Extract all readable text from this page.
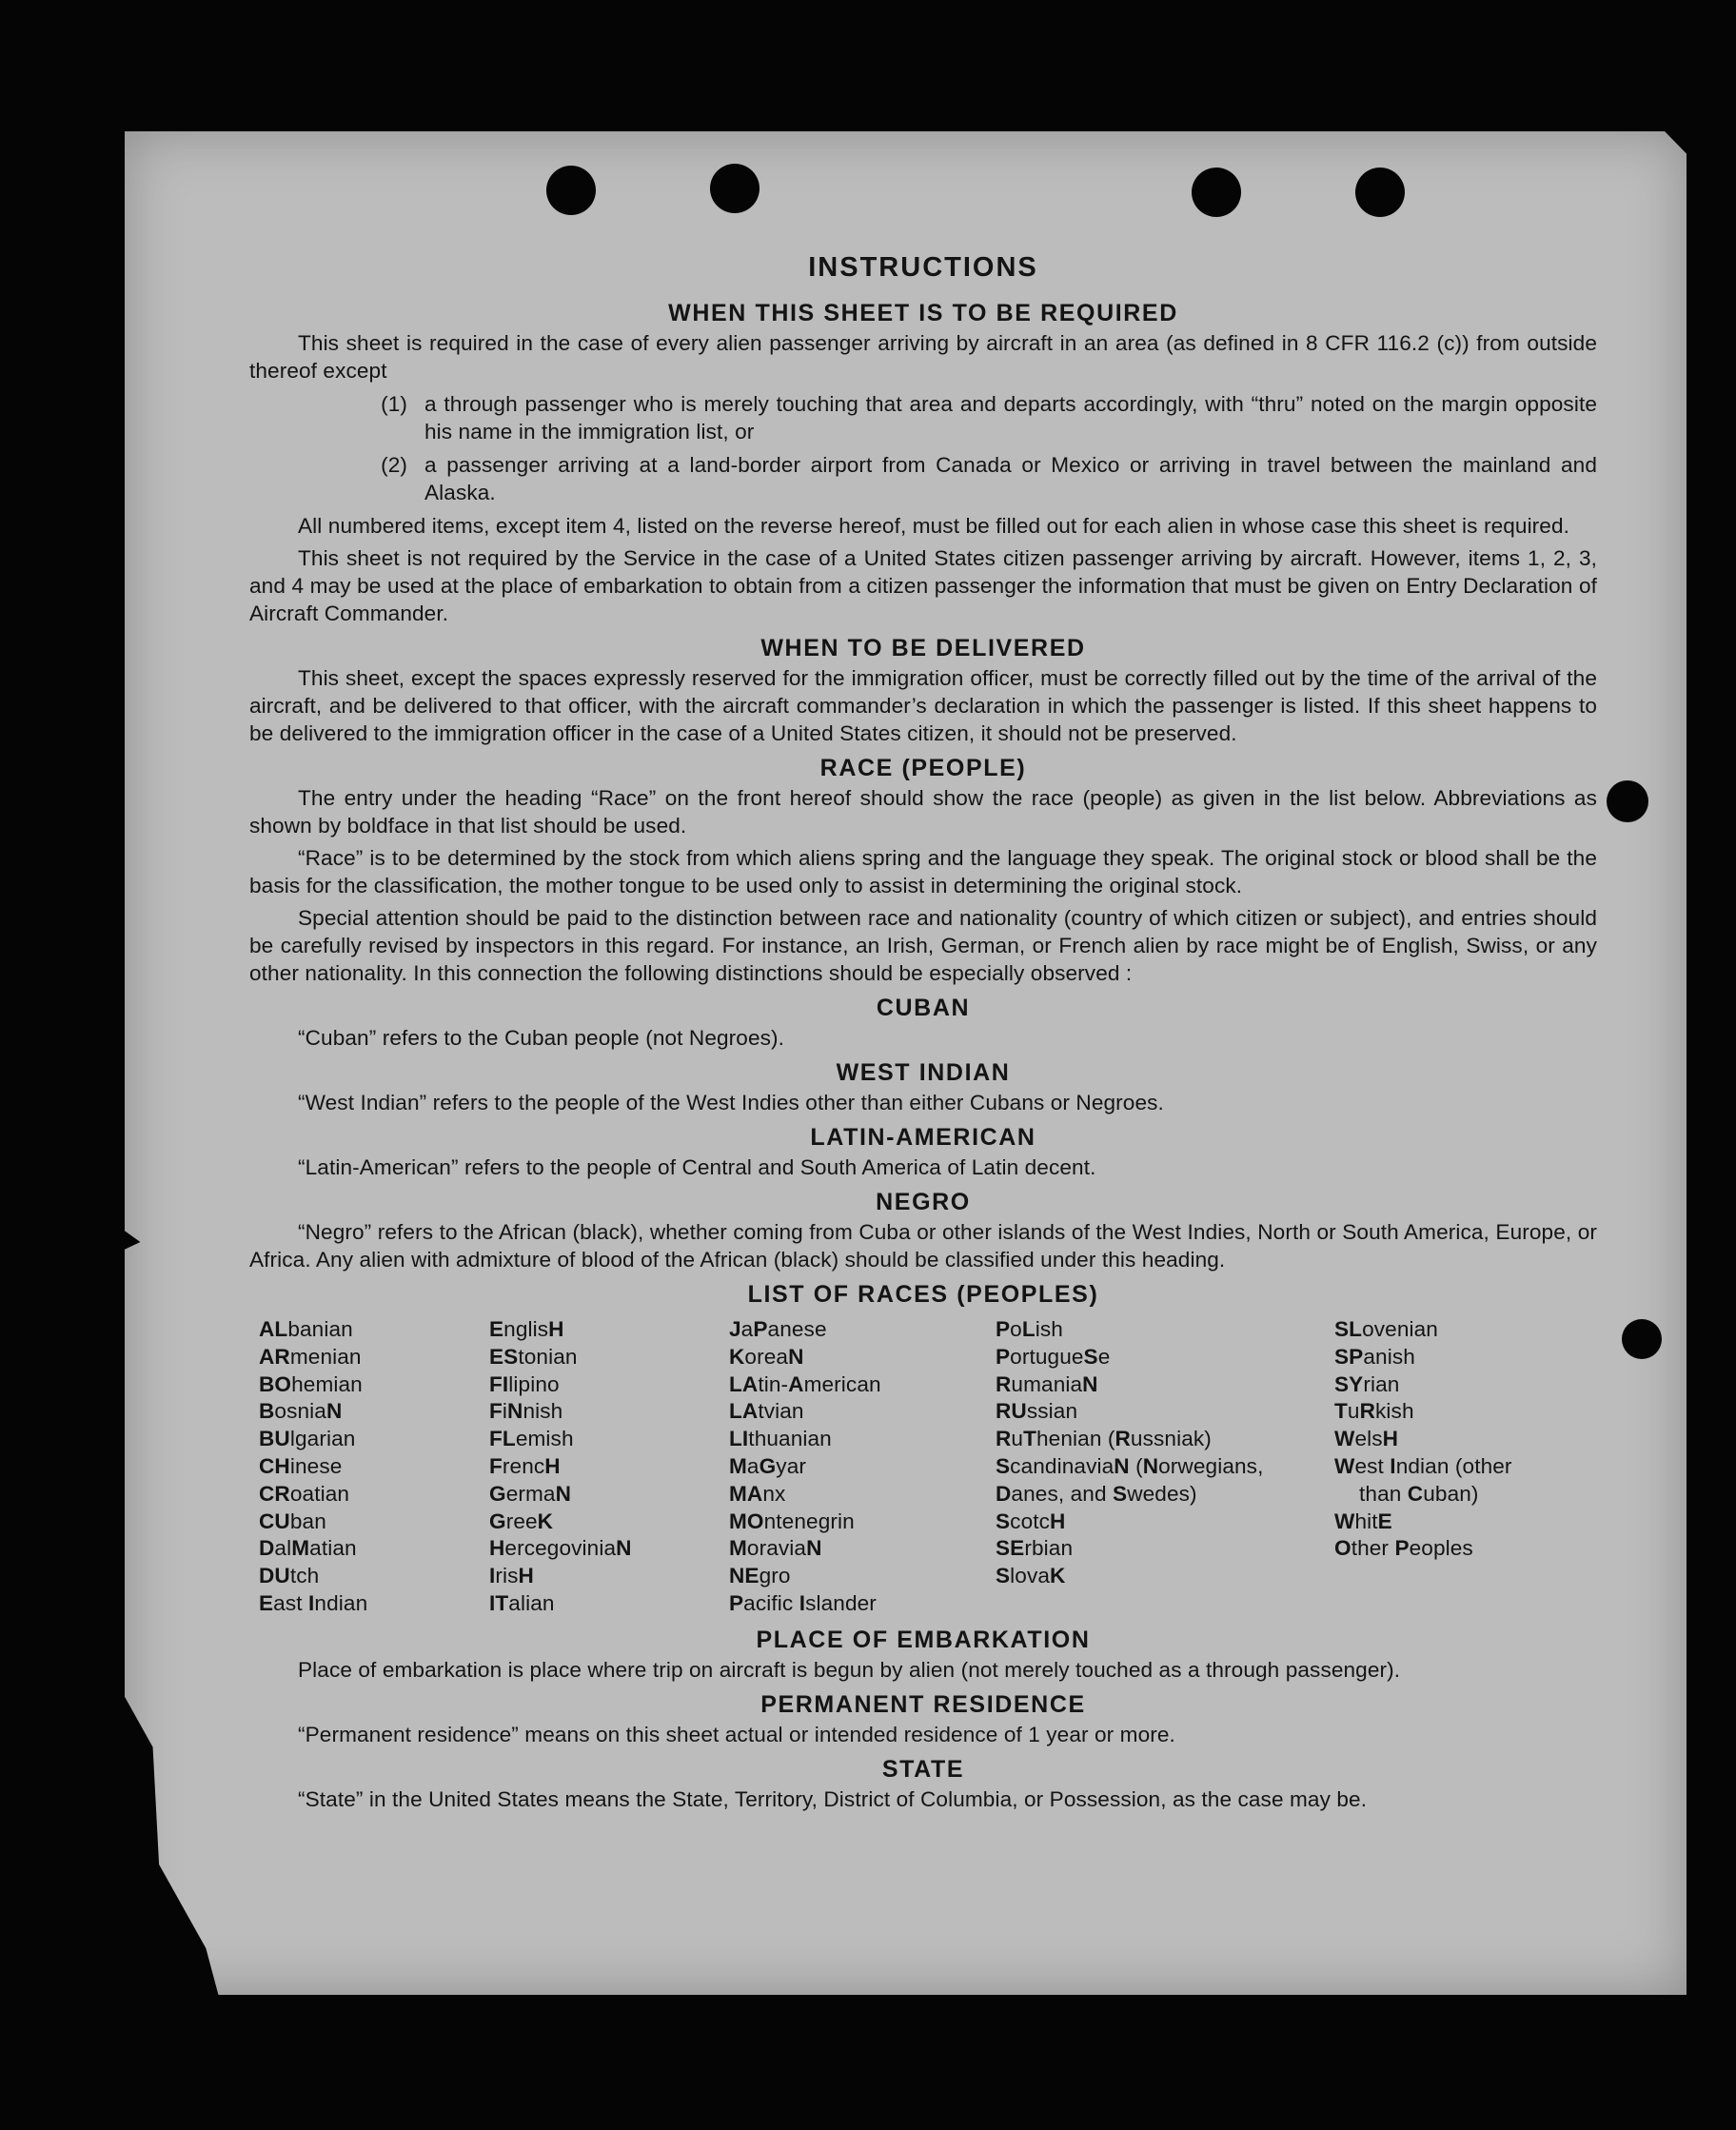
INSTRUCTIONS
WHEN THIS SHEET IS TO BE REQUIRED

This sheet is required in the case of every alien passenger arriving by aircraft in an area (as defined in 8 CFR 116.2 (c)) from outside thereof except

(1) a through passenger who is merely touching that area and departs accordingly, with “thru” noted on the margin opposite his name in the immigration list, or
(2) a passenger arriving at a land-border airport from Canada or Mexico or arriving in travel between the mainland and Alaska.

All numbered items, except item 4, listed on the reverse hereof, must be filled out for each alien in whose case this sheet is required.

This sheet is not required by the Service in the case of a United States citizen passenger arriving by aircraft. However, items 1, 2, 3, and 4 may be used at the place of embarkation to obtain from a citizen passenger the information that must be given on Entry Declaration of Aircraft Commander.

WHEN TO BE DELIVERED

This sheet, except the spaces expressly reserved for the immigration officer, must be correctly filled out by the time of the arrival of the aircraft, and be delivered to that officer, with the aircraft commander’s declaration in which the passenger is listed. If this sheet happens to be delivered to the immigration officer in the case of a United States citizen, it should not be preserved.

RACE (PEOPLE)

The entry under the heading “Race” on the front hereof should show the race (people) as given in the list below. Abbreviations as shown by boldface in that list should be used.

“Race” is to be determined by the stock from which aliens spring and the language they speak. The original stock or blood shall be the basis for the classification, the mother tongue to be used only to assist in determining the original stock.

Special attention should be paid to the distinction between race and nationality (country of which citizen or subject), and entries should be carefully revised by inspectors in this regard. For instance, an Irish, German, or French alien by race might be of English, Swiss, or any other nationality. In this connection the following distinctions should be especially observed :

CUBAN

“Cuban” refers to the Cuban people (not Negroes).

WEST INDIAN

“West Indian” refers to the people of the West Indies other than either Cubans or Negroes.

LATIN-AMERICAN

“Latin-American” refers to the people of Central and South America of Latin decent.

NEGRO

“Negro” refers to the African (black), whether coming from Cuba or other islands of the West Indies, North or South America, Europe, or Africa. Any alien with admixture of blood of the African (black) should be classified under this heading.

LIST OF RACES (PEOPLES)
ALbanian
ARmenian
BOhemian
BosniaN
BUlgarian
CHinese
CRoatian
CUban
DalMatian
DUtch
East Indian
EnglisH
EStonian
FIlipino
FiNnish
FLemish
FrencH
GermaN
GreeK
HercegoviniaN
IrisH
ITalian
JaPanese
KoreaN
LAtin-American
LAtvian
LIthuanian
MaGyar
MAnx
MOntenegrin
MoraviaN
NEgro
Pacific Islander
PoLish
PortugueSe
RumaniaN
RUssian
RuThenian (Russniak)
ScandinaviaN (Norwegians, Danes, and Swedes)
ScotcH
SErbian
SlovaK
SLovenian
SPanish
SYrian
TuRkish
WelsH
West Indian (other
than Cuban)
WhitE
Other Peoples
PLACE OF EMBARKATION

Place of embarkation is place where trip on aircraft is begun by alien (not merely touched as a through passenger).

PERMANENT RESIDENCE

“Permanent residence” means on this sheet actual or intended residence of 1 year or more.

STATE

“State” in the United States means the State, Territory, District of Columbia, or Possession, as the case may be.
